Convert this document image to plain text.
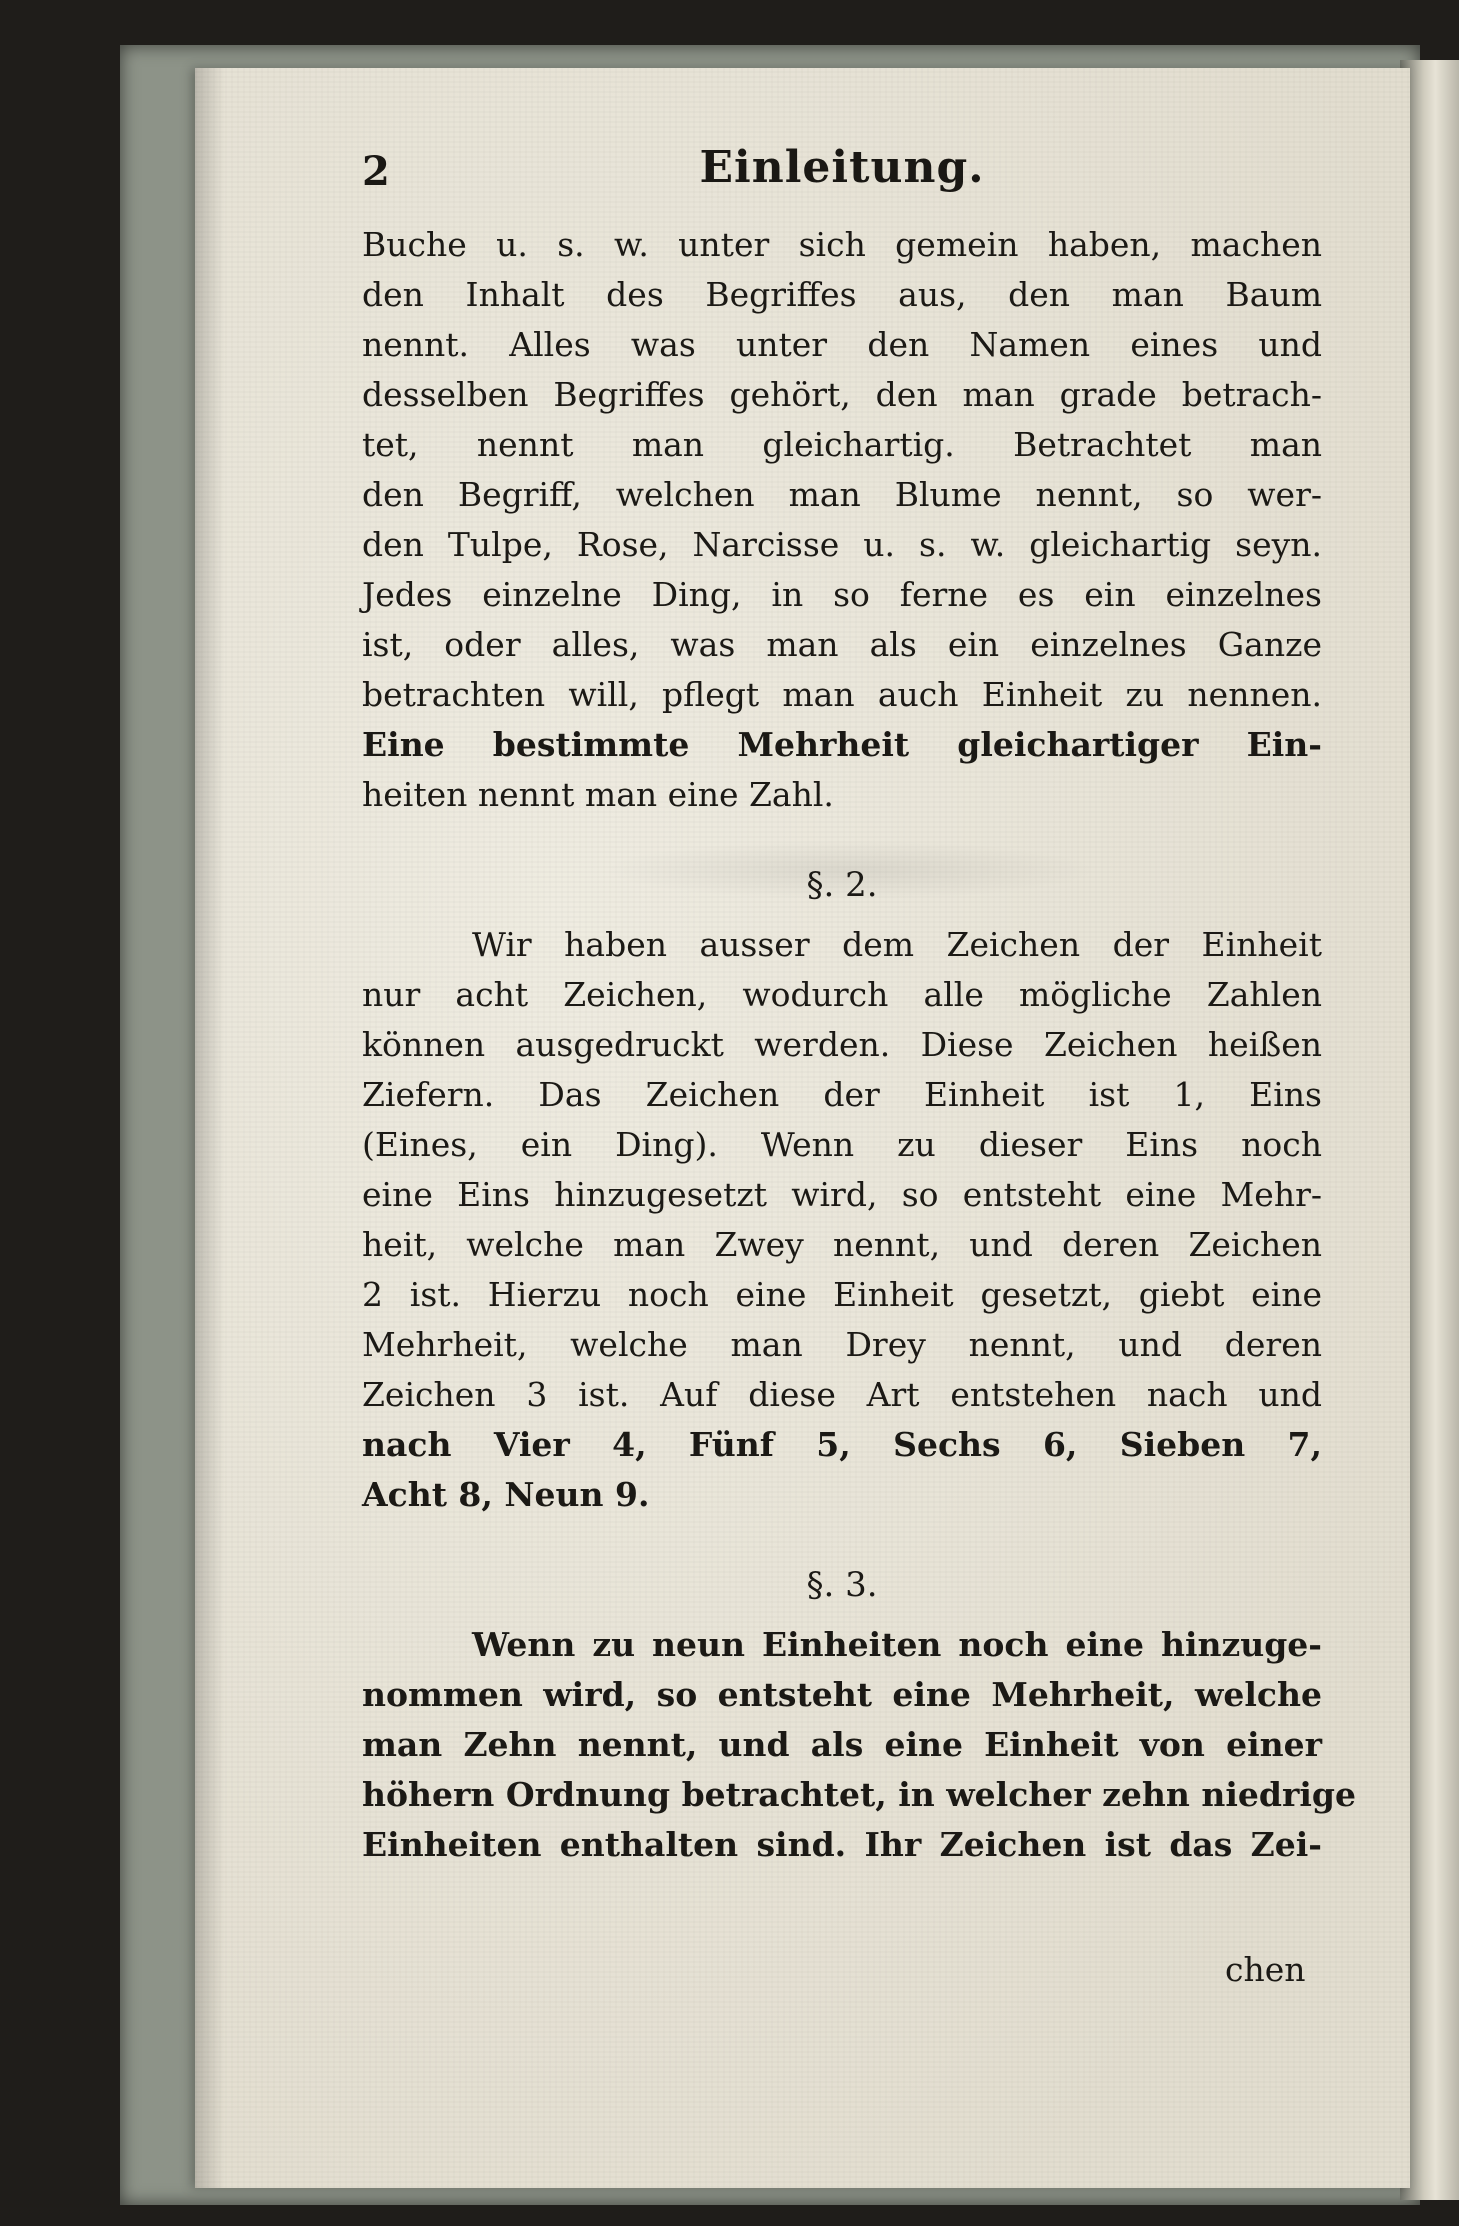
2	Einleitung.
Buche u. s. w. unter sich gemein haben, machen
den Inhalt des Begriffes aus, den man Baum
nennt. Alles was unter den Namen eines und
desselben Begriffes gehört, den man grade betrach-
tet, nennt man gleichartig. Betrachtet man
den Begriff, welchen man Blume nennt, so wer-
den Tulpe, Rose, Narcisse u. s. w. gleichartig seyn.
Jedes einzelne Ding, in so ferne es ein einzelnes
ist, oder alles, was man als ein einzelnes Ganze
betrachten will, pflegt man auch Einheit zu nennen.
Eine bestimmte Mehrheit gleichartiger Ein-
heiten nennt man eine Zahl.
§. 2.
Wir haben ausser dem Zeichen der Einheit
nur acht Zeichen, wodurch alle mögliche Zahlen
können ausgedruckt werden. Diese Zeichen heißen
Ziefern. Das Zeichen der Einheit ist 1, Eins
(Eines, ein Ding). Wenn zu dieser Eins noch
eine Eins hinzugesetzt wird, so entsteht eine Mehr-
heit, welche man Zwey nennt, und deren Zeichen
2 ist. Hierzu noch eine Einheit gesetzt, giebt eine
Mehrheit, welche man Drey nennt, und deren
Zeichen 3 ist. Auf diese Art entstehen nach und
nach Vier 4, Fünf 5, Sechs 6, Sieben 7,
Acht 8, Neun 9.
§. 3.
Wenn zu neun Einheiten noch eine hinzuge-
nommen wird, so entsteht eine Mehrheit, welche
man Zehn nennt, und als eine Einheit von einer
höhern Ordnung betrachtet, in welcher zehn niedrige
Einheiten enthalten sind. Ihr Zeichen ist das Zei-
chen
